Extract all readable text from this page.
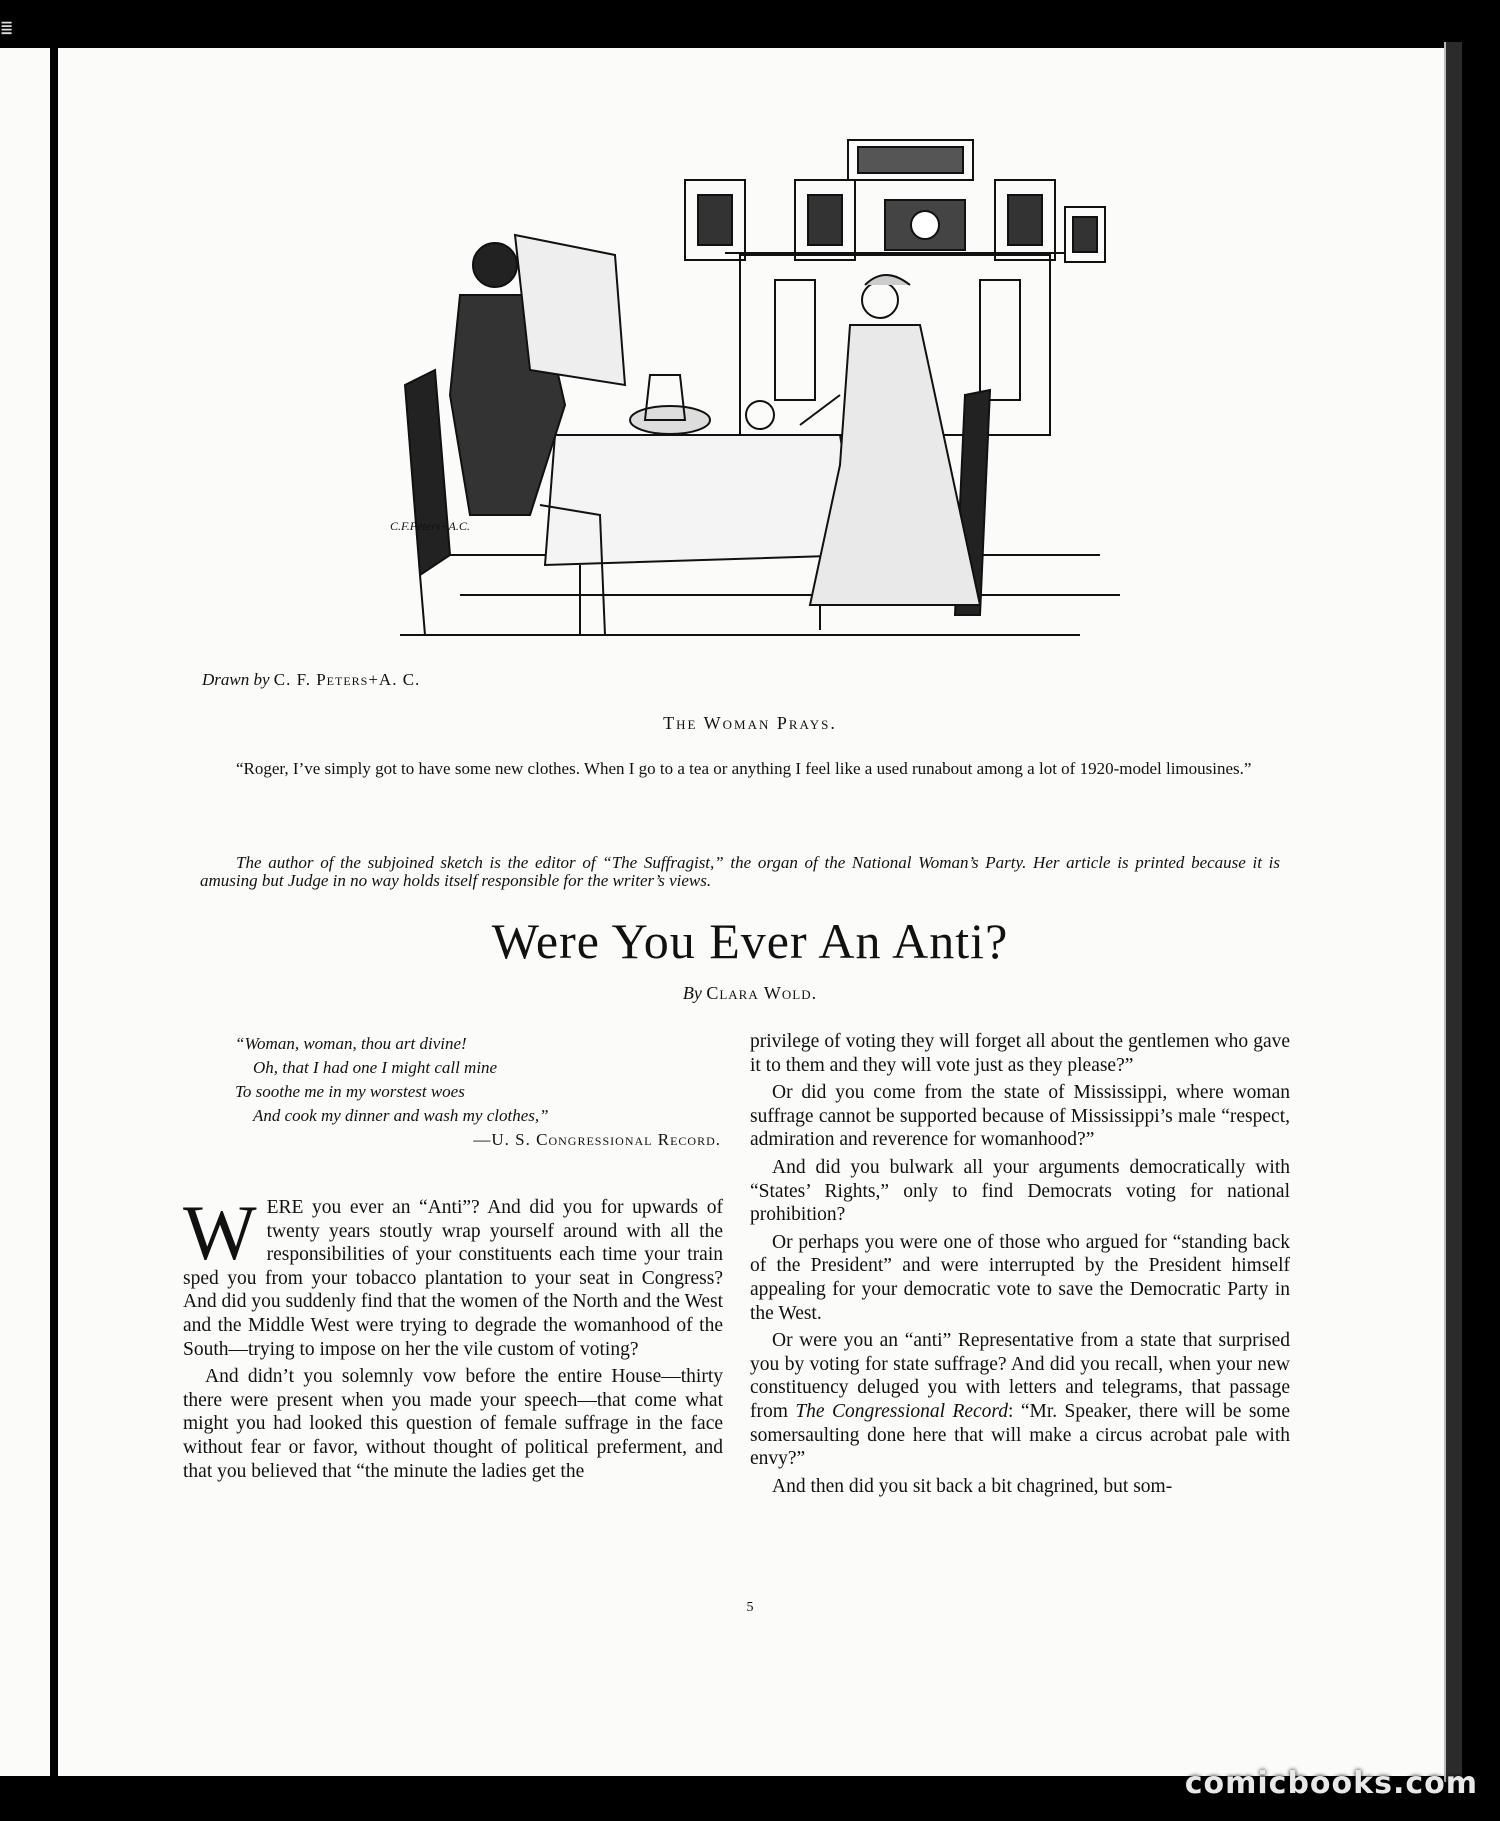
≣
C.F.Peters+A.C.
Drawn by C. F. Peters+A. C.
The Woman Prays.
“Roger, I’ve simply got to have some new clothes. When I go to a tea or anything I feel like a used runabout among a lot of 1920-model limousines.”
The author of the subjoined sketch is the editor of “The Suffragist,” the organ of the National Woman’s Party. Her article is printed because it is amusing but Judge in no way holds itself responsible for the writer’s views.
Were You Ever An Anti?
By Clara Wold.
“Woman, woman, thou art divine!
Oh, that I had one I might call mine
To soothe me in my worstest woes
And cook my dinner and wash my clothes,”
—U. S. Congressional Record.

WERE you ever an “Anti”? And did you for upwards of twenty years stoutly wrap yourself around with all the responsibilities of your constituents each time your train sped you from your tobacco plantation to your seat in Congress? And did you suddenly find that the women of the North and the West and the Middle West were trying to degrade the womanhood of the South—trying to impose on her the vile custom of voting?

And didn’t you solemnly vow before the entire House—thirty there were present when you made your speech—that come what might you had looked this question of female suffrage in the face without fear or favor, without thought of political preferment, and that you believed that “the minute the ladies get the

privilege of voting they will forget all about the gentlemen who gave it to them and they will vote just as they please?”

Or did you come from the state of Mississippi, where woman suffrage cannot be supported because of Mississippi’s male “respect, admiration and reverence for womanhood?”

And did you bulwark all your arguments democratically with “States’ Rights,” only to find Democrats voting for national prohibition?

Or perhaps you were one of those who argued for “standing back of the President” and were interrupted by the President himself appealing for your democratic vote to save the Democratic Party in the West.

Or were you an “anti” Representative from a state that surprised you by voting for state suffrage? And did you recall, when your new constituency deluged you with letters and telegrams, that passage from The Congressional Record: “Mr. Speaker, there will be some somersaulting done here that will make a circus acrobat pale with envy?”

And then did you sit back a bit chagrined, but som-

5
comicbooks.com
